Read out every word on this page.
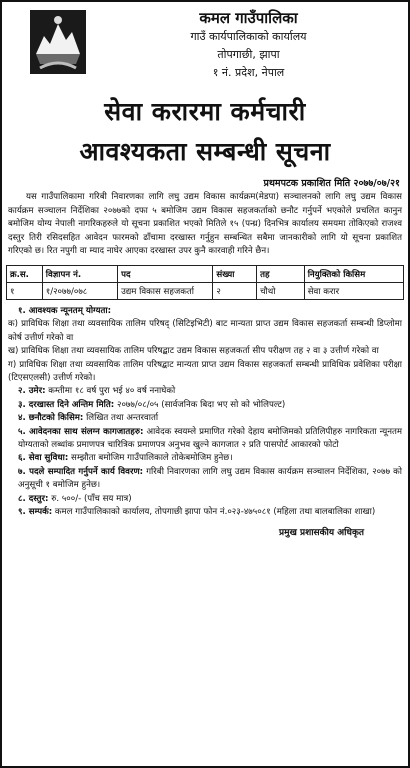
कमल गाउँपालिका
गाउँ कार्यपालिकाको कार्यालय
तोपगाछी, झापा
१ नं. प्रदेश, नेपाल
सेवा करारमा कर्मचारी
आवश्यकता सम्बन्धी सूचना
प्रथमपटक प्रकाशित मिति २०७७/०७/२१
यस गाउँपालिकामा गरिबी निवारणका लागि लघु उद्यम विकास कार्यक्रम(मेडपा) सञ्चालनको लागि लघु उद्यम विकास कार्यक्रम सञ्चालन निर्देशिका २०७७को दफा ५ बमोजिम उद्यम विकास सहजकर्ताको छनौट गर्नुपर्ने भएकोले प्रचलित कानुन बमोजिम योग्य नेपाली नागरिकहरुले यो सूचना प्रकाशित भएको मितिले १५ (पन्ध्र) दिनभित्र कार्यालय समयमा तोकिएको राजश्व दस्तुर तिरी रसिदसहित आवेदन फारमको ढाँचामा दरखास्त गर्नुहुन सम्बन्धित सबैमा जानकारीको लागि यो सूचना प्रकाशित गरिएको छ। रित नपुगी वा म्याद नाघेर आएका दरखास्त उपर कुनै कारवाही गरिने छैन।
क्र.स.	विज्ञापन नं.	पद	संख्या	तह	नियुक्तिको किसिम
१	१/२०७७/०७८	उद्यम विकास सहजकर्ता	२	चौथो	सेवा करार
१. आवश्यक न्यूनतम् योग्यता:
क) प्राविधिक शिक्षा तथा व्यवसायिक तालिम परिषद् (सिटिइभिटी) बाट मान्यता प्राप्त उद्यम विकास सहजकर्ता सम्बन्धी डिप्लोमा कोर्ष उत्तीर्ण गरेको वा
ख) प्राविधिक शिक्षा तथा व्यवसायिक तालिम परिषद्बाट उद्यम विकास सहजकर्ता सीप परीक्षण तह २ वा ३ उत्तीर्ण गरेको वा
ग) प्राविधिक शिक्षा तथा व्यवसायिक तालिम परिषद्बाट मान्यता प्राप्त उद्यम विकास सहजकर्ता सम्बन्धी प्राविधिक प्रवेशिका परीक्षा (टिएसएलसी) उत्तीर्ण गरेको।
२. उमेर: कम्तीमा १८ वर्ष पुरा भई ४० वर्ष ननाघेको
३. दरखास्त दिने अन्तिम मिति: २०७७/०८/०५ (सार्वजनिक बिदा भए सो को भोलिपल्ट)
४. छनौटको किसिम: लिखित तथा अन्तरवार्ता
५. आवेदनका साथ संलग्न कागजातहरु: आवेदक स्वयम्ले प्रमाणित गरेको देहाय बमोजिमको प्रतिलिपीहरु नागरिकता न्यूनतम योग्यताको लब्धांक प्रमाणपत्र चारित्रिक प्रमाणपत्र अनुभव खुल्ने कागजात २ प्रति पासपोर्ट आकारको फोटो
६. सेवा सुविधा: सम्झौता बमोजिम गाउँपालिकाले तोकेबमोजिम हुनेछ।
७. पदले सम्पादित गर्नुपर्ने कार्य विवरण: गरिबी निवारणका लागि लघु उद्यम विकास कार्यक्रम सञ्चालन निर्देशिका, २०७७ को अनुसूची १ बमोजिम हुनेछ।
८. दस्तुर: रु. ५००/- (पाँच सय मात्र)
९. सम्पर्क: कमल गाउँपालिकाको कार्यालय, तोपगाछी झापा फोन नं.०२३-४७५०८१ (महिला तथा बालबालिका शाखा)
प्रमुख प्रशासकीय अधिकृत
